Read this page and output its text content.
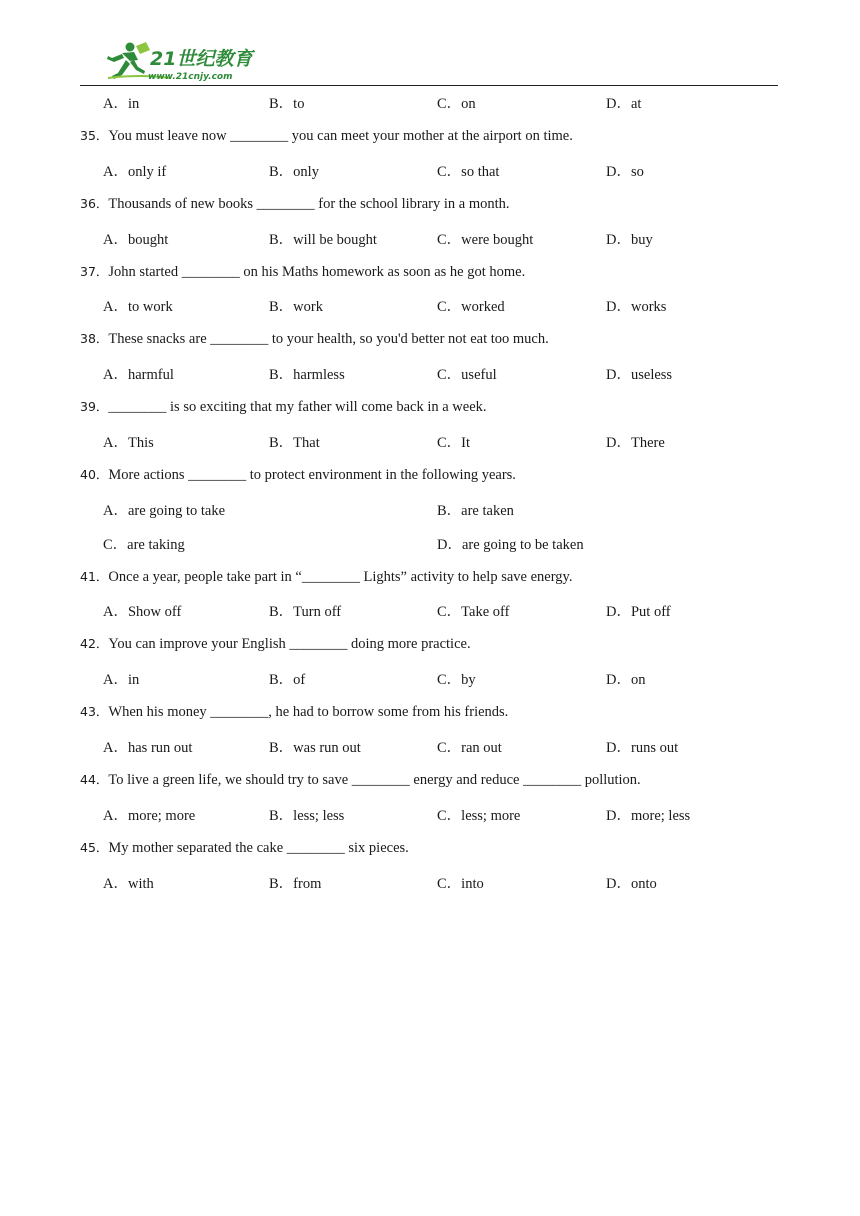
21世纪教育
www.21cnjy.com
A．in	B．to	C．on	D．at
35．You must leave now ________ you can meet your mother at the airport on time.
A．only if	B．only	C．so that	D．so
36．Thousands of new books ________ for the school library in a month.
A．bought	B．will be bought	C．were bought	D．buy
37．John started ________ on his Maths homework as soon as he got home.
A．to work	B．work	C．worked	D．works
38．These snacks are ________ to your health, so you'd better not eat too much.
A．harmful	B．harmless	C．useful	D．useless
39．________ is so exciting that my father will come back in a week.
A．This	B．That	C．It	D．There
40．More actions ________ to protect environment in the following years.
A．are going to take	B．are taken
C．are taking	D．are going to be taken
41．Once a year, people take part in “________ Lights” activity to help save energy.
A．Show off	B．Turn off	C．Take off	D．Put off
42．You can improve your English ________ doing more practice.
A．in	B．of	C．by	D．on
43．When his money ________, he had to borrow some from his friends.
A．has run out	B．was run out	C．ran out	D．runs out
44．To live a green life, we should try to save ________ energy and reduce ________ pollution.
A．more; more	B．less; less	C．less; more	D．more; less
45．My mother separated the cake ________ six pieces.
A．with	B．from	C．into	D．onto
